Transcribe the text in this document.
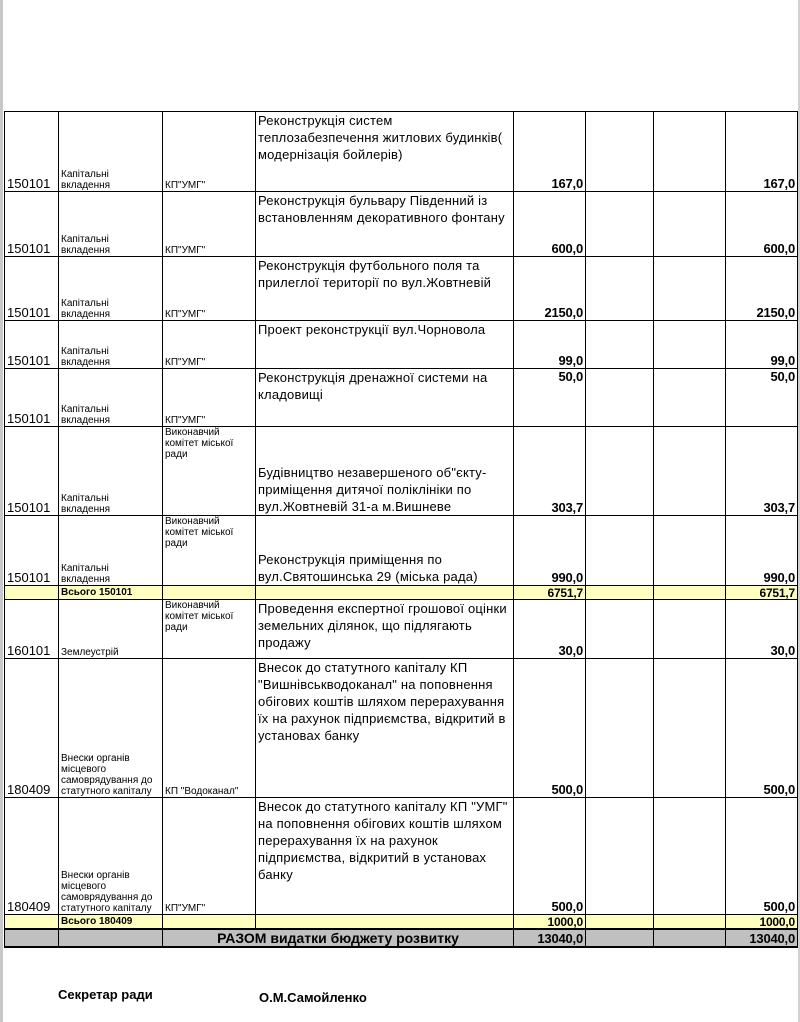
150101	Капітальні вкладення	КП"УМГ"	Реконструкція систем теплозабезпечення житлових будинків( модернізація бойлерів)	167,0			167,0
150101	Капітальні вкладення	КП"УМГ"	Реконструкція бульвару Південний із встановленням декоративного фонтану	600,0			600,0
150101	Капітальні вкладення	КП"УМГ"	Реконструкція футбольного поля та прилеглої території по вул.Жовтневій	2150,0			2150,0
150101	Капітальні вкладення	КП"УМГ"	Проект реконструкції вул.Чорновола	99,0			99,0
150101	Капітальні вкладення	КП"УМГ"	Реконструкція дренажної системи на кладовищі	50,0			50,0
150101	Капітальні вкладення	Виконавчий комітет міської ради	Будівництво незавершеного об"єкту- приміщення дитячої поліклініки по вул.Жовтневій 31-а м.Вишневе	303,7			303,7
150101	Капітальні вкладення	Виконавчий комітет міської ради	Реконструкція приміщення по вул.Святошинська 29 (міська рада)	990,0			990,0
	Всього 150101			6751,7			6751,7
160101	Землеустрій	Виконавчий комітет міської ради	Проведення експертної грошової оцінки земельних ділянок, що підлягають продажу	30,0			30,0
180409	Внески органів місцевого самоврядування до статутного капіталу	КП "Водоканал"	Внесок до статутного капіталу КП "Вишнівськводоканал" на поповнення обігових коштів шляхом перерахування їх на рахунок підприємства, відкритий в установах банку	500,0			500,0
180409	Внески органів місцевого самоврядування до статутного капіталу	КП"УМГ"	Внесок до статутного капіталу КП "УМГ" на поповнення обігових коштів шляхом перерахування їх на рахунок підприємства, відкритий в установах банку	500,0			500,0
	Всього 180409			1000,0			1000,0
		РАЗОМ видатки бюджету розвитку		13040,0			13040,0
Секретар ради	О.М.Самойленко
